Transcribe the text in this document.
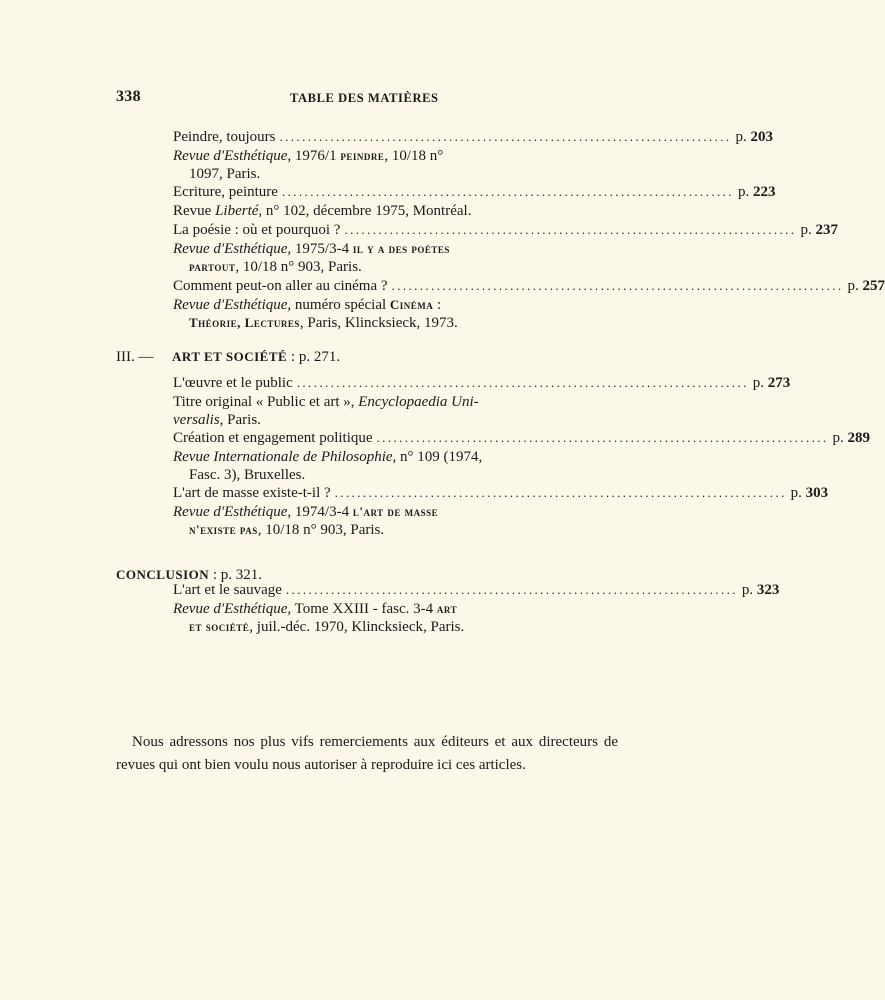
338	TABLE DES MATIÈRES
Peindre, toujours ................................................................................ p. 203
Revue d'Esthétique, 1976/1 peindre, 10/18 n°

1097, Paris.
Ecriture, peinture ................................................................................ p. 223
Revue Liberté, n° 102, décembre 1975, Montréal.
La poésie : où et pourquoi ? ................................................................................ p. 237
Revue d'Esthétique, 1975/3-4 il y a des poètes

partout, 10/18 n° 903, Paris.
Comment peut-on aller au cinéma ? ................................................................................ p. 257
Revue d'Esthétique, numéro spécial Cinéma :

Théorie, Lectures, Paris, Klincksieck, 1973.
III. — ART ET SOCIÉTÉ : p. 271.
L'œuvre et le public ................................................................................ p. 273
Titre original « Public et art », Encyclopaedia Uni-
versalis, Paris.
Création et engagement politique ................................................................................ p. 289
Revue Internationale de Philosophie, n° 109 (1974,

Fasc. 3), Bruxelles.
L'art de masse existe-t-il ? ................................................................................ p. 303
Revue d'Esthétique, 1974/3-4 l'art de masse

n'existe pas, 10/18 n° 903, Paris.
CONCLUSION : p. 321.
L'art et le sauvage ................................................................................ p. 323
Revue d'Esthétique, Tome XXIII - fasc. 3-4 art

et société, juil.-déc. 1970, Klincksieck, Paris.
Nous adressons nos plus vifs remerciements aux éditeurs et aux directeurs de revues qui ont bien voulu nous autoriser à reproduire ici ces articles.
